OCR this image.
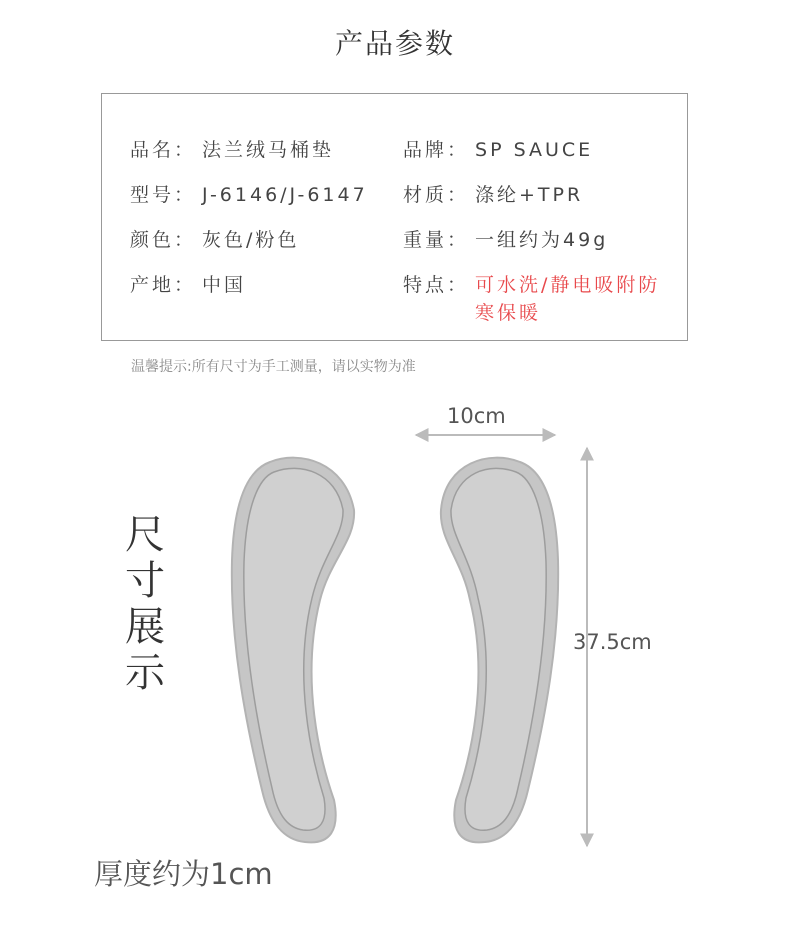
产品参数
品名： 法兰绒马桶垫	品牌： SP SAUCE
型号： J-6146/J-6147 材质： 涤纶+TPR
颜色： 灰色/粉色	重量： 一组约为49g
产地： 中国	特点： 可水洗/静电吸附防寒保暖
温馨提示:所有尺寸为手工测量，请以实物为准
10cm
37.5cm
尺
寸
展
示
厚度约为1cm
